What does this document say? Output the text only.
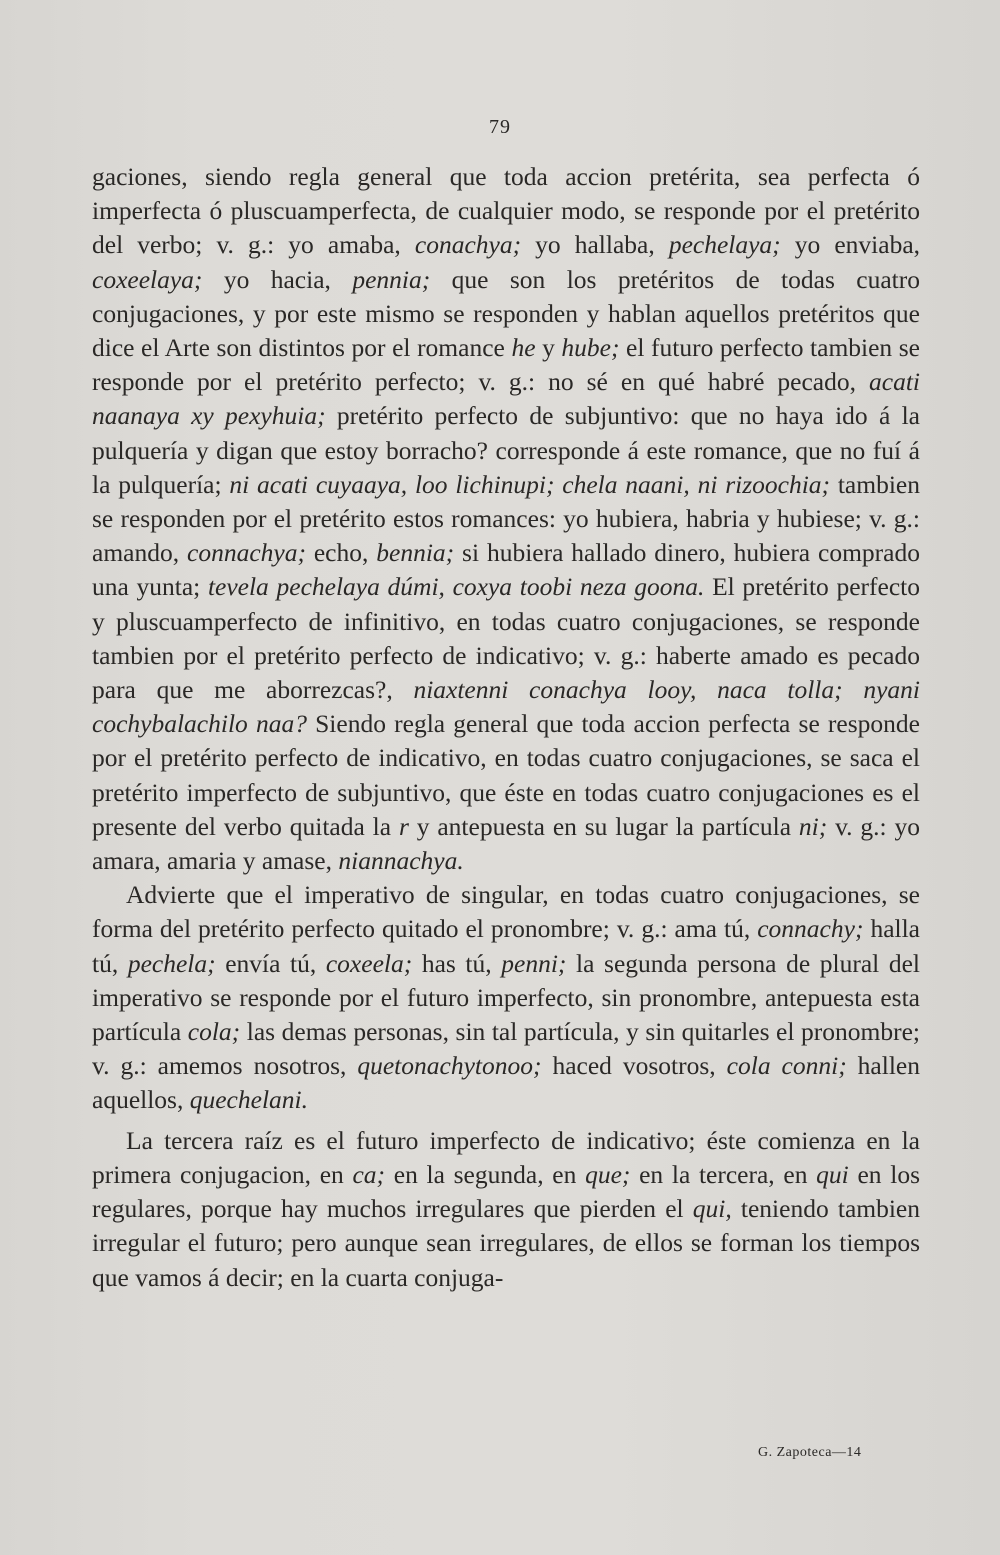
79

gaciones, siendo regla general que toda accion pretérita, sea perfecta ó imperfecta ó pluscuamperfecta, de cualquier modo, se responde por el pretérito del verbo; v. g.: yo amaba, conachya; yo hallaba, pechelaya; yo enviaba, coxeelaya; yo hacia, pennia; que son los pretéritos de todas cuatro conjugaciones, y por este mismo se responden y hablan aquellos pretéritos que dice el Arte son distintos por el romance he y hube; el futuro perfecto tambien se responde por el pretérito perfecto; v. g.: no sé en qué habré pecado, acati naanaya xy pexyhuia; pretérito perfecto de subjuntivo: que no haya ido á la pulquería y digan que estoy borracho? corresponde á este romance, que no fuí á la pulquería; ni acati cuyaaya, loo lichinupi; chela naani, ni rizoochia; tambien se responden por el pretérito estos romances: yo hubiera, habria y hubiese; v. g.: amando, connachya; echo, bennia; si hubiera hallado dinero, hubiera comprado una yunta; tevela pechelaya dúmi, coxya toobi neza goona. El pretérito perfecto y pluscuamperfecto de infinitivo, en todas cuatro conjugaciones, se responde tambien por el pretérito perfecto de indicativo; v. g.: haberte amado es pecado para que me aborrezcas?, niaxtenni conachya looy, naca tolla; nyani cochybalachilo naa? Siendo regla general que toda accion perfecta se responde por el pretérito perfecto de indicativo, en todas cuatro conjugaciones, se saca el pretérito imperfecto de subjuntivo, que éste en todas cuatro conjugaciones es el presente del verbo quitada la r y antepuesta en su lugar la partícula ni; v. g.: yo amara, amaria y amase, niannachya.

Advierte que el imperativo de singular, en todas cuatro conjugaciones, se forma del pretérito perfecto quitado el pronombre; v. g.: ama tú, connachy; halla tú, pechela; envía tú, coxeela; has tú, penni; la segunda persona de plural del imperativo se responde por el futuro imperfecto, sin pronombre, antepuesta esta partícula cola; las demas personas, sin tal partícula, y sin quitarles el pronombre; v. g.: amemos nosotros, quetonachytonoo; haced vosotros, cola conni; hallen aquellos, quechelani.

La tercera raíz es el futuro imperfecto de indicativo; éste comienza en la primera conjugacion, en ca; en la segunda, en que; en la tercera, en qui en los regulares, porque hay muchos irregulares que pierden el qui, teniendo tambien irregular el futuro; pero aunque sean irregulares, de ellos se forman los tiempos que vamos á decir; en la cuarta conjuga-

G. Zapoteca—14
